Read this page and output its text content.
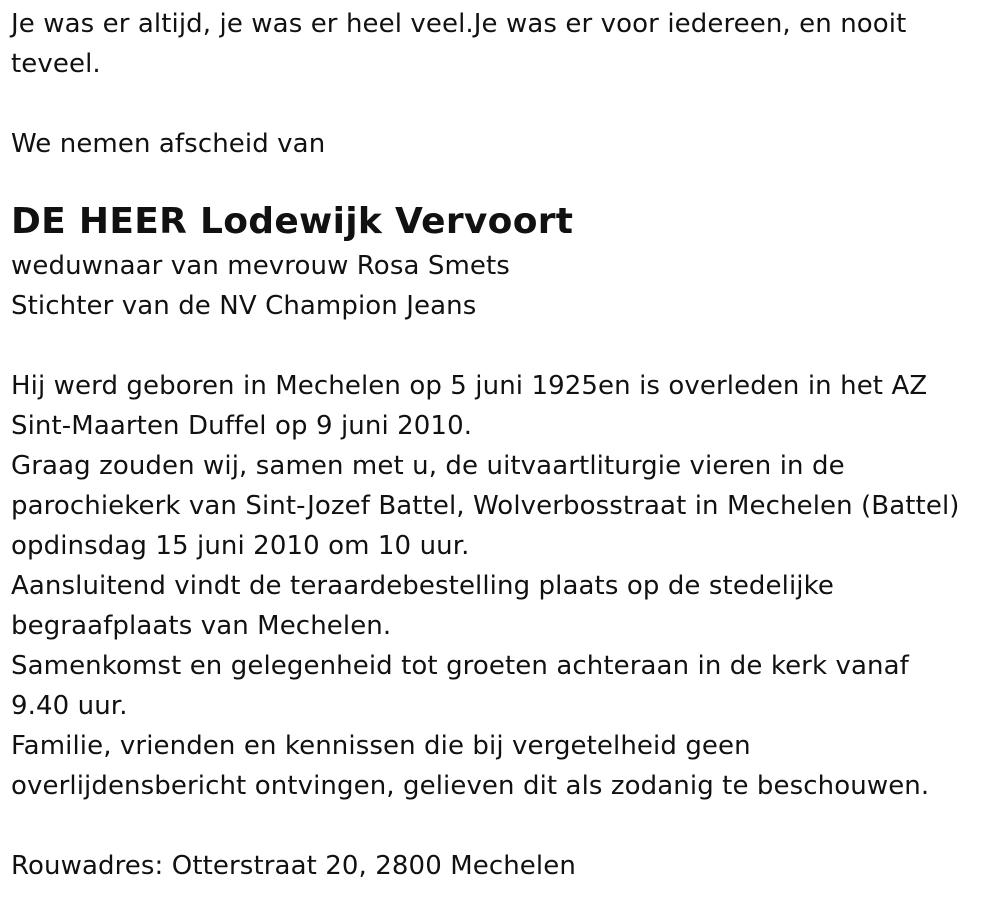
Je was er altijd, je was er heel veel.Je was er voor iedereen, en nooit
teveel.
We nemen afscheid van
DE HEER Lodewijk Vervoort
weduwnaar van mevrouw Rosa Smets
Stichter van de NV Champion Jeans
Hij werd geboren in Mechelen op 5 juni 1925en is overleden in het AZ
Sint-Maarten Duffel op 9 juni 2010.
Graag zouden wij, samen met u, de uitvaartliturgie vieren in de
parochiekerk van Sint-Jozef Battel, Wolverbosstraat in Mechelen (Battel)
opdinsdag 15 juni 2010 om 10 uur.
Aansluitend vindt de teraardebestelling plaats op de stedelijke
begraafplaats van Mechelen.
Samenkomst en gelegenheid tot groeten achteraan in de kerk vanaf
9.40 uur.
Familie, vrienden en kennissen die bij vergetelheid geen
overlijdensbericht ontvingen, gelieven dit als zodanig te beschouwen.
Rouwadres: Otterstraat 20, 2800 Mechelen
